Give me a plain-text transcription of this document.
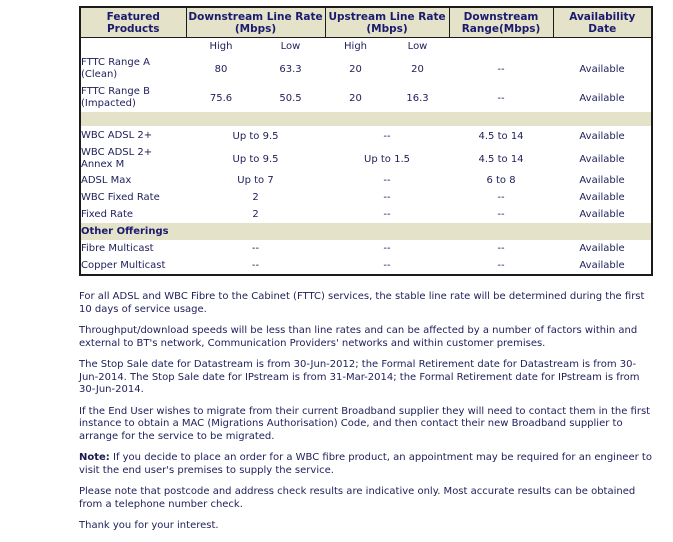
Featured Products	Downstream Line Rate (Mbps)		Upstream Line Rate (Mbps)		Downstream Range(Mbps)	Availability Date
	High	Low	High	Low		
FTTC Range A (Clean)	80	63.3	20	20	--	Available
FTTC Range B (Impacted)	75.6	50.5	20	16.3	--	Available

WBC ADSL 2+	Up to 9.5		--		4.5 to 14	Available
WBC ADSL 2+ Annex M	Up to 9.5		Up to 1.5		4.5 to 14	Available
ADSL Max	Up to 7		--		6 to 8	Available
WBC Fixed Rate	2		--		--	Available
Fixed Rate	2		--		--	Available
Other Offerings						
Fibre Multicast	--		--		--	Available
Copper Multicast	--		--		--	Available

For all ADSL and WBC Fibre to the Cabinet (FTTC) services, the stable line rate will be determined during the first 10 days of service usage.

Throughput/download speeds will be less than line rates and can be affected by a number of factors within and external to BT's network, Communication Providers' networks and within customer premises.

The Stop Sale date for Datastream is from 30-Jun-2012; the Formal Retirement date for Datastream is from 30-Jun-2014. The Stop Sale date for IPstream is from 31-Mar-2014; the Formal Retirement date for IPstream is from 30-Jun-2014.

If the End User wishes to migrate from their current Broadband supplier they will need to contact them in the first instance to obtain a MAC (Migrations Authorisation) Code, and then contact their new Broadband supplier to arrange for the service to be migrated.

Note: If you decide to place an order for a WBC fibre product, an appointment may be required for an engineer to visit the end user's premises to supply the service.

Please note that postcode and address check results are indicative only. Most accurate results can be obtained from a telephone number check.

Thank you for your interest.
